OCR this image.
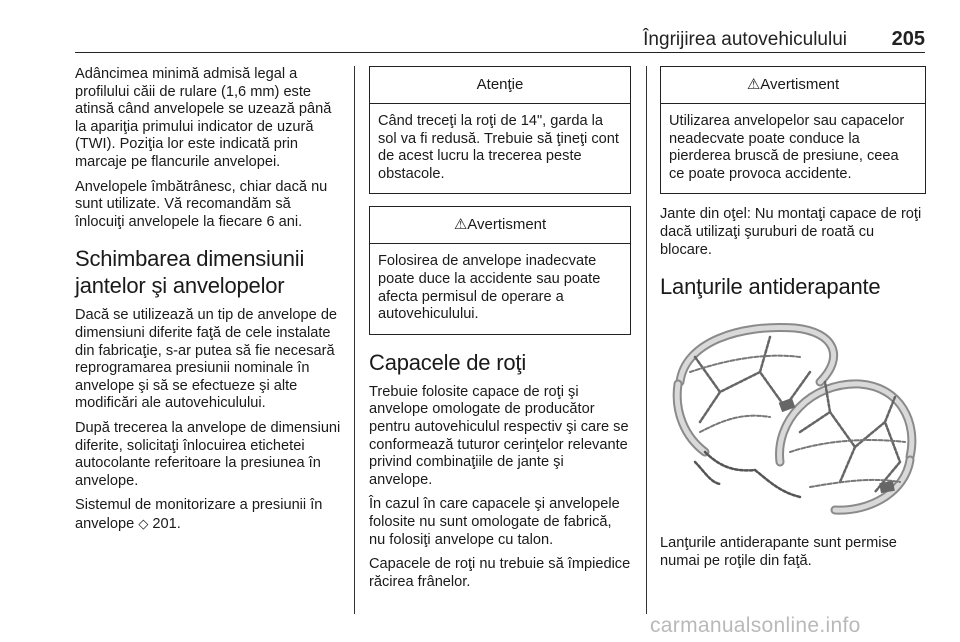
Îngrijirea autovehiculului 205

Adâncimea minimă admisă legal a profilului căii de rulare (1,6 mm) este atinsă când anvelopele se uzează până la apariţia primului indicator de uzură (TWI). Poziţia lor este indicată prin marcaje pe flancurile anvelopei.

Anvelopele îmbătrânesc, chiar dacă nu sunt utilizate. Vă recomandăm să înlocuiţi anvelopele la fiecare 6 ani.

Schimbarea dimensiunii jantelor şi anvelopelor

Dacă se utilizează un tip de anvelope de dimensiuni diferite faţă de cele instalate din fabricaţie, s-ar putea să fie necesară reprogramarea presiunii nominale în anvelope şi să se efectueze şi alte modificări ale autovehiculului.

După trecerea la anvelope de dimensiuni diferite, solicitaţi înlocuirea etichetei autocolante referitoare la presiunea în anvelope.

Sistemul de monitorizare a presiunii în anvelope ◇ 201.

Atenţie
Când treceţi la roţi de 14", garda la sol va fi redusă. Trebuie să ţineţi cont de acest lucru la trecerea peste obstacole.
⚠Avertisment
Folosirea de anvelope inadecvate poate duce la accidente sau poate afecta permisul de operare a autovehiculului.
Capacele de roţi

Trebuie folosite capace de roţi şi anvelope omologate de producător pentru autovehiculul respectiv şi care se conformează tuturor cerinţelor relevante privind combinaţiile de jante şi anvelope.

În cazul în care capacele şi anvelopele folosite nu sunt omologate de fabrică, nu folosiţi anvelope cu talon.

Capacele de roţi nu trebuie să împiedice răcirea frânelor.

⚠Avertisment
Utilizarea anvelopelor sau capacelor neadecvate poate conduce la pierderea bruscă de presiune, ceea ce poate provoca accidente.

Jante din oţel: Nu montaţi capace de roţi dacă utilizaţi şuruburi de roată cu blocare.

Lanţurile antiderapante

Lanţurile antiderapante sunt permise numai pe roţile din faţă.

carmanualsonline.info
